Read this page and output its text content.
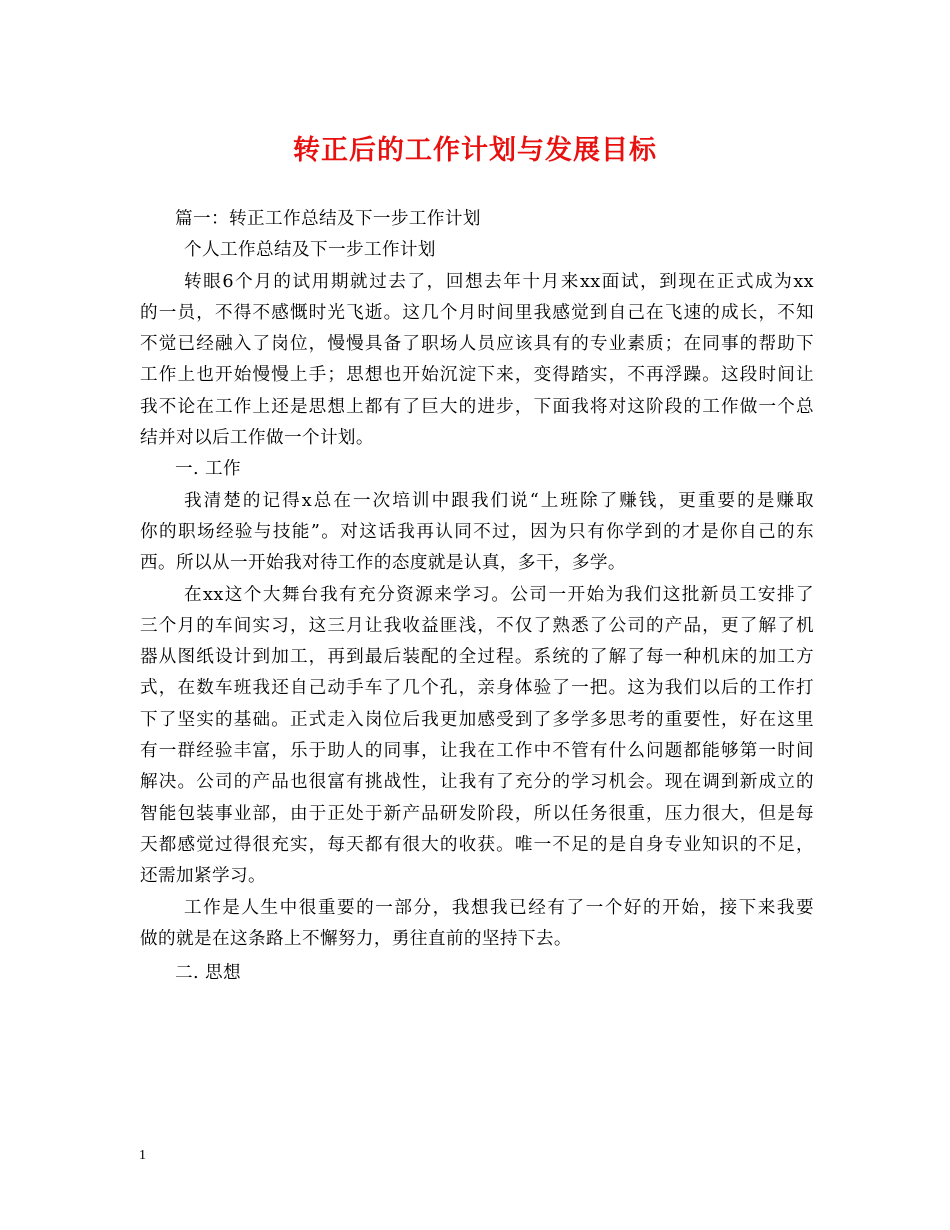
转正后的工作计划与发展目标
篇一：转正工作总结及下一步工作计划
个人工作总结及下一步工作计划
转眼6个月的试用期就过去了，回想去年十月来xx面试，到现在正式成为xx
的一员，不得不感慨时光飞逝。这几个月时间里我感觉到自己在飞速的成长，不知
不觉已经融入了岗位，慢慢具备了职场人员应该具有的专业素质；在同事的帮助下
工作上也开始慢慢上手；思想也开始沉淀下来，变得踏实，不再浮躁。这段时间让
我不论在工作上还是思想上都有了巨大的进步，下面我将对这阶段的工作做一个总
结并对以后工作做一个计划。
一. 工作
我清楚的记得x总在一次培训中跟我们说“上班除了赚钱，更重要的是赚取
你的职场经验与技能”。对这话我再认同不过，因为只有你学到的才是你自己的东
西。所以从一开始我对待工作的态度就是认真，多干，多学。
在xx这个大舞台我有充分资源来学习。公司一开始为我们这批新员工安排了
三个月的车间实习，这三月让我收益匪浅，不仅了熟悉了公司的产品，更了解了机
器从图纸设计到加工，再到最后装配的全过程。系统的了解了每一种机床的加工方
式，在数车班我还自己动手车了几个孔，亲身体验了一把。这为我们以后的工作打
下了坚实的基础。正式走入岗位后我更加感受到了多学多思考的重要性，好在这里
有一群经验丰富，乐于助人的同事，让我在工作中不管有什么问题都能够第一时间
解决。公司的产品也很富有挑战性，让我有了充分的学习机会。现在调到新成立的
智能包装事业部，由于正处于新产品研发阶段，所以任务很重，压力很大，但是每
天都感觉过得很充实，每天都有很大的收获。唯一不足的是自身专业知识的不足，
还需加紧学习。
工作是人生中很重要的一部分，我想我已经有了一个好的开始，接下来我要
做的就是在这条路上不懈努力，勇往直前的坚持下去。
二. 思想
1
